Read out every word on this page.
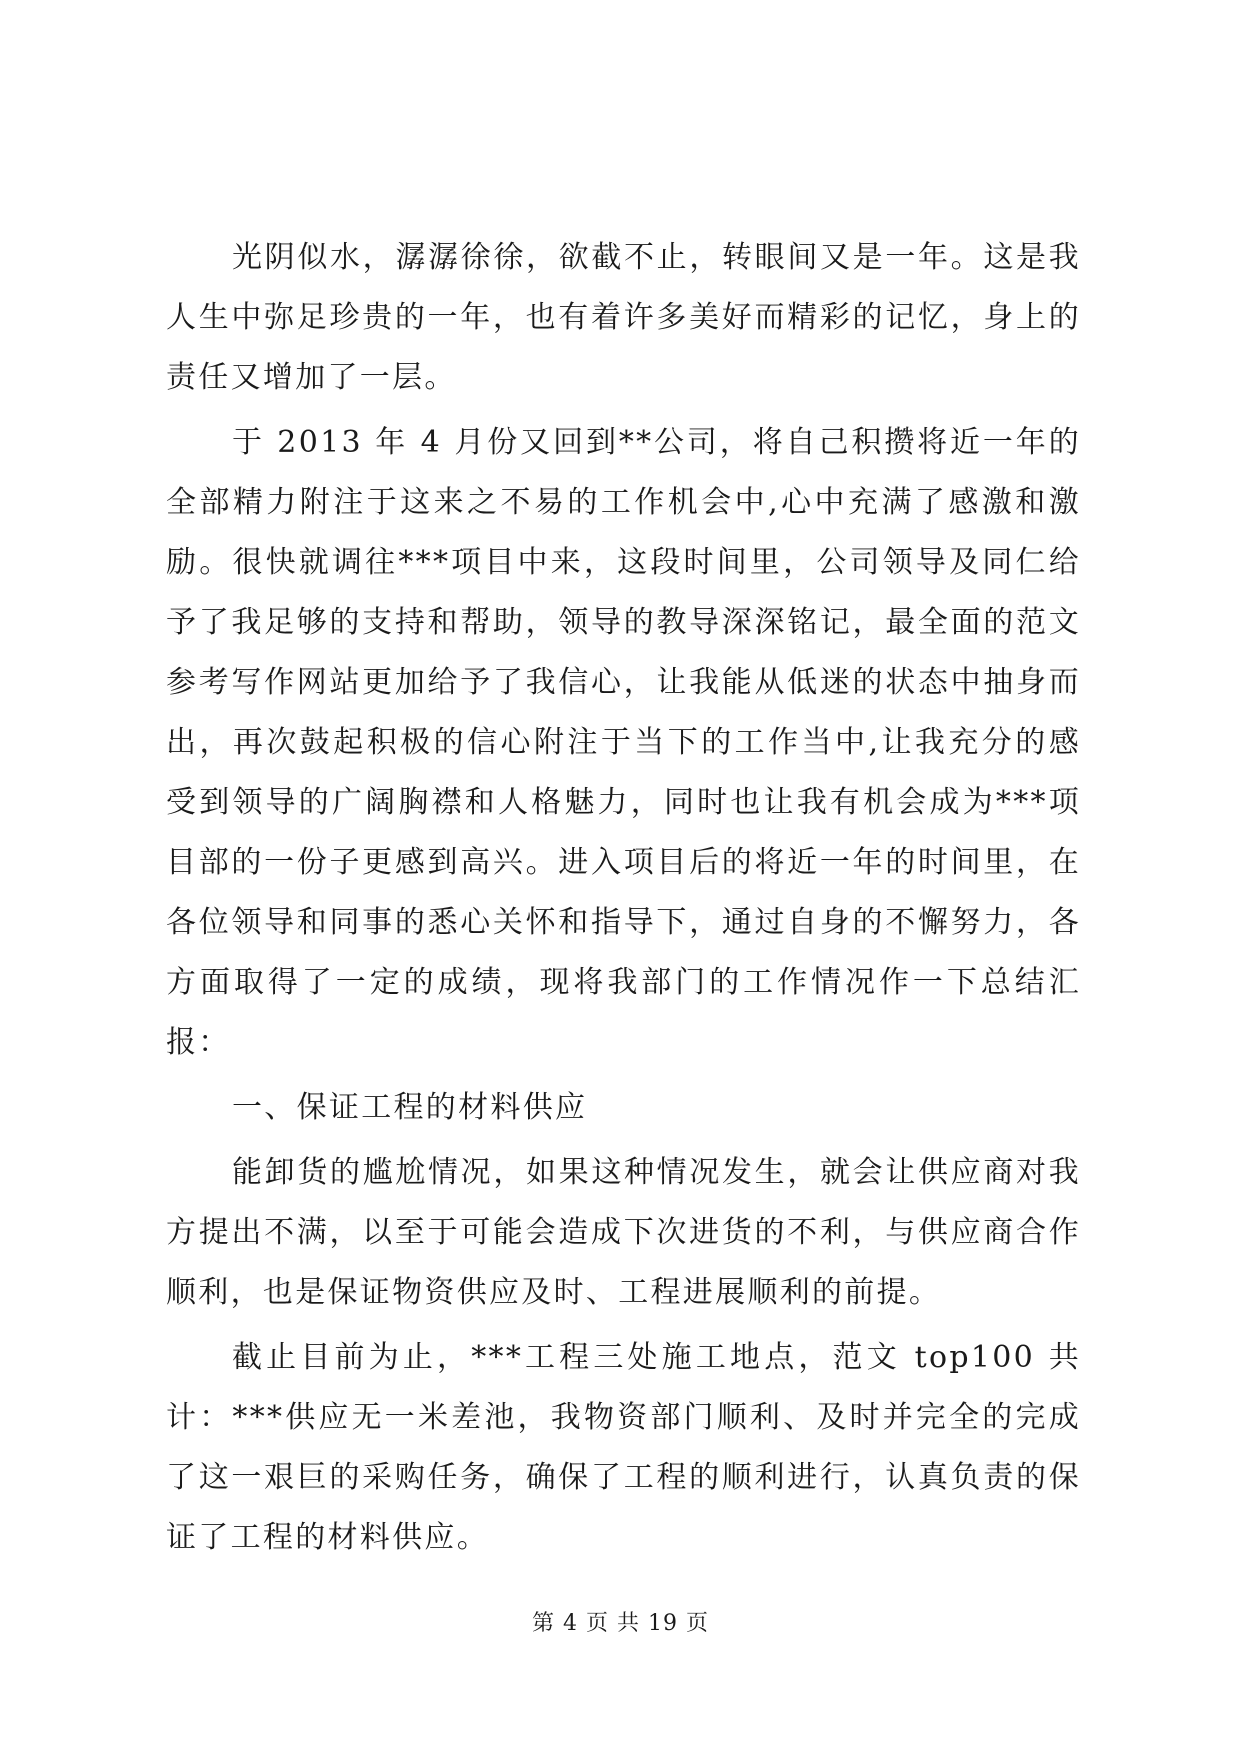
光阴似水，潺潺徐徐，欲截不止，转眼间又是一年。这是我人生中弥足珍贵的一年，也有着许多美好而精彩的记忆，身上的责任又增加了一层。

于 2013 年 4 月份又回到**公司，将自己积攒将近一年的全部精力附注于这来之不易的工作机会中,心中充满了感激和激励。很快就调往***项目中来，这段时间里，公司领导及同仁给予了我足够的支持和帮助，领导的教导深深铭记，最全面的范文参考写作网站更加给予了我信心，让我能从低迷的状态中抽身而出，再次鼓起积极的信心附注于当下的工作当中,让我充分的感受到领导的广阔胸襟和人格魅力，同时也让我有机会成为***项目部的一份子更感到高兴。进入项目后的将近一年的时间里，在各位领导和同事的悉心关怀和指导下，通过自身的不懈努力，各方面取得了一定的成绩，现将我部门的工作情况作一下总结汇报：

一、保证工程的材料供应

能卸货的尴尬情况，如果这种情况发生，就会让供应商对我方提出不满，以至于可能会造成下次进货的不利，与供应商合作顺利，也是保证物资供应及时、工程进展顺利的前提。

截止目前为止，***工程三处施工地点，范文 top100 共计：***供应无一米差池，我物资部门顺利、及时并完全的完成了这一艰巨的采购任务，确保了工程的顺利进行，认真负责的保证了工程的材料供应。

第 4 页 共 19 页
